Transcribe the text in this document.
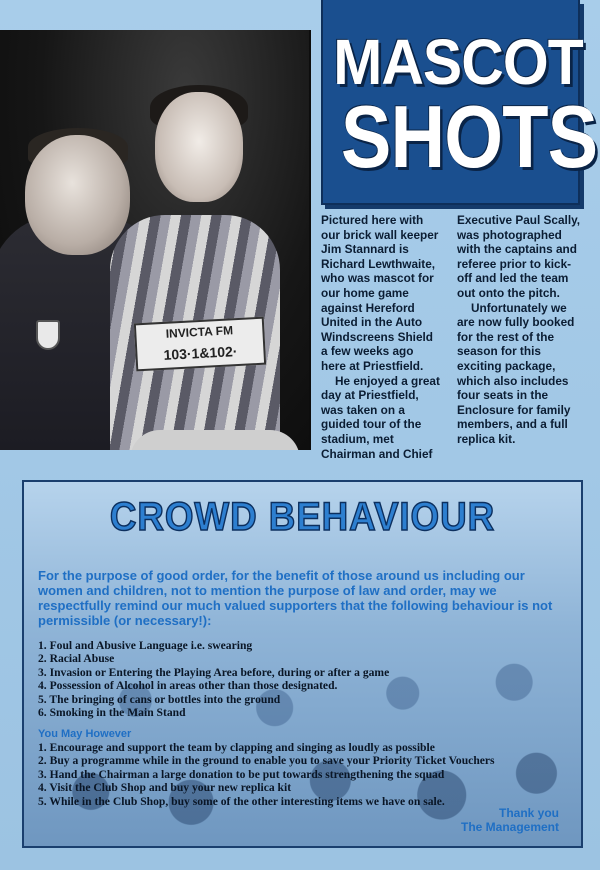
INVICTA FM
103·1&102·
MASCOT
SHOTS

Pictured here with our brick wall keeper Jim Stannard is Richard Lewthwaite, who was mascot for our home game against Hereford United in the Auto Windscreens Shield a few weeks ago here at Priestfield.

He enjoyed a great day at Priestfield, was taken on a guided tour of the stadium, met Chairman and Chief

Executive Paul Scally, was photographed with the captains and referee prior to kick-off and led the team out onto the pitch.

Unfortunately we are now fully booked for the rest of the season for this exciting package, which also includes four seats in the Enclosure for family members, and a full replica kit.

CROWD BEHAVIOUR
For the purpose of good order, for the benefit of those around us including our women and children, not to mention the purpose of law and order, may we respectfully remind our much valued supporters that the following behaviour is not permissible (or necessary!):
1. Foul and Abusive Language i.e. swearing
2. Racial Abuse
3. Invasion or Entering the Playing Area before, during or after a game
4. Possession of Alcohol in areas other than those designated.
5. The bringing of cans or bottles into the ground
6. Smoking in the Main Stand
You May However
1. Encourage and support the team by clapping and singing as loudly as possible
2. Buy a programme while in the ground to enable you to save your Priority Ticket Vouchers
3. Hand the Chairman a large donation to be put towards strengthening the squad
4. Visit the Club Shop and buy your new replica kit
5. While in the Club Shop, buy some of the other interesting items we have on sale.
Thank you
The Management
